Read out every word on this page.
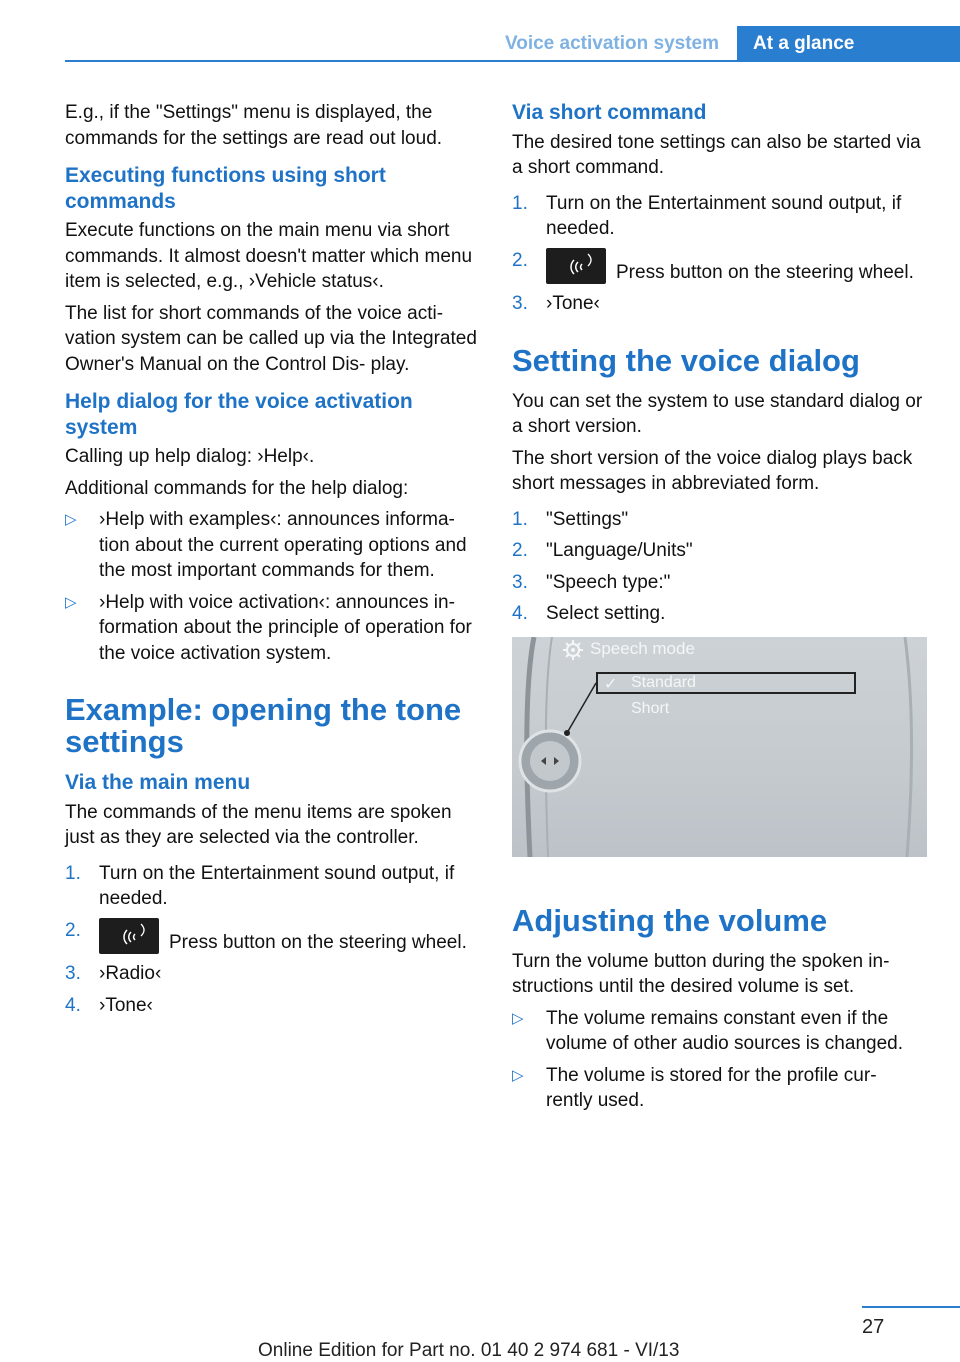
Voice activation system	At a glance

E.g., if the "Settings" menu is displayed, the commands for the settings are read out loud.

Executing functions using short commands

Execute functions on the main menu via short commands. It almost doesn't matter which menu item is selected, e.g., ›Vehicle status‹.

The list for short commands of the voice acti‐ vation system can be called up via the Integrated Owner's Manual on the Control Dis‐ play.

Help dialog for the voice activation system

Calling up help dialog: ›Help‹.

Additional commands for the help dialog:

▷ ›Help with examples‹: announces informa‐ tion about the current operating options and the most important commands for them.
▷ ›Help with voice activation‹: announces in‐ formation about the principle of operation for the voice activation system.
Example: opening the tone settings
Via the main menu

The commands of the menu items are spoken just as they are selected via the controller.

1. Turn on the Entertainment sound output, if needed.
2.
Press button on the steering wheel.
3. ›Radio‹
4. ›Tone‹
Via short command

The desired tone settings can also be started via a short command.

1. Turn on the Entertainment sound output, if needed.
2.
Press button on the steering wheel.
3. ›Tone‹
Setting the voice dialog

You can set the system to use standard dialog or a short version.

The short version of the voice dialog plays back short messages in abbreviated form.

1. "Settings"
2. "Language/Units"
3. "Speech type:"
4. Select setting.
Speech mode
✓ Standard
Short
Adjusting the volume

Turn the volume button during the spoken in‐ structions until the desired volume is set.

▷ The volume remains constant even if the volume of other audio sources is changed.
▷ The volume is stored for the profile cur‐ rently used.
27
Online Edition for Part no. 01 40 2 974 681 - VI/13
